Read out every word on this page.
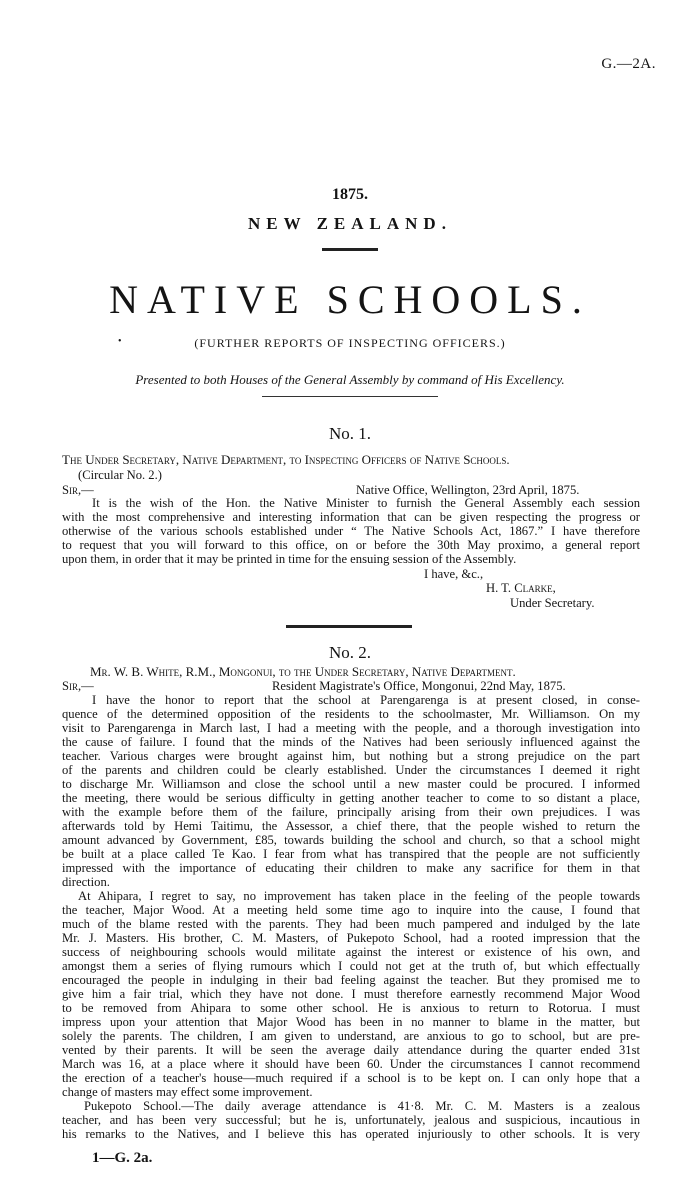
G.—2A.
1875.
NEW ZEALAND.
NATIVE SCHOOLS.
•	(FURTHER REPORTS OF INSPECTING OFFICERS.)
Presented to both Houses of the General Assembly by command of His Excellency.
No. 1.
The Under Secretary, Native Department, to Inspecting Officers of Native Schools.
(Circular No. 2.)
Sir,—	Native Office, Wellington, 23rd April, 1875.
It is the wish of the Hon. the Native Minister to furnish the General Assembly each session
with the most comprehensive and interesting information that can be given respecting the progress or
otherwise of the various schools established under “ The Native Schools Act, 1867.” I have therefore
to request that you will forward to this office, on or before the 30th May proximo, a general report
upon them, in order that it may be printed in time for the ensuing session of the Assembly.
I have, &c.,
H. T. Clarke,
Under Secretary.
No. 2.
Mr. W. B. White, R.M., Mongonui, to the Under Secretary, Native Department.
Sir,—	Resident Magistrate's Office, Mongonui, 22nd May, 1875.
I have the honor to report that the school at Parengarenga is at present closed, in conse-
quence of the determined opposition of the residents to the schoolmaster, Mr. Williamson. On my
visit to Parengarenga in March last, I had a meeting with the people, and a thorough investigation into
the cause of failure. I found that the minds of the Natives had been seriously influenced against the
teacher. Various charges were brought against him, but nothing but a strong prejudice on the part
of the parents and children could be clearly established. Under the circumstances I deemed it right
to discharge Mr. Williamson and close the school until a new master could be procured. I informed
the meeting, there would be serious difficulty in getting another teacher to come to so distant a place,
with the example before them of the failure, principally arising from their own prejudices. I was
afterwards told by Hemi Taitimu, the Assessor, a chief there, that the people wished to return the
amount advanced by Government, £85, towards building the school and church, so that a school might
be built at a place called Te Kao. I fear from what has transpired that the people are not sufficiently
impressed with the importance of educating their children to make any sacrifice for them in that
direction.
At Ahipara, I regret to say, no improvement has taken place in the feeling of the people towards
the teacher, Major Wood. At a meeting held some time ago to inquire into the cause, I found that
much of the blame rested with the parents. They had been much pampered and indulged by the late
Mr. J. Masters. His brother, C. M. Masters, of Pukepoto School, had a rooted impression that the
success of neighbouring schools would militate against the interest or existence of his own, and
amongst them a series of flying rumours which I could not get at the truth of, but which effectually
encouraged the people in indulging in their bad feeling against the teacher. But they promised me to
give him a fair trial, which they have not done. I must therefore earnestly recommend Major Wood
to be removed from Ahipara to some other school. He is anxious to return to Rotorua. I must
impress upon your attention that Major Wood has been in no manner to blame in the matter, but
solely the parents. The children, I am given to understand, are anxious to go to school, but are pre-
vented by their parents. It will be seen the average daily attendance during the quarter ended 31st
March was 16, at a place where it should have been 60. Under the circumstances I cannot recommend
the erection of a teacher's house—much required if a school is to be kept on. I can only hope that a
change of masters may effect some improvement.
Pukepoto School.—The daily average attendance is 41·8. Mr. C. M. Masters is a zealous
teacher, and has been very successful; but he is, unfortunately, jealous and suspicious, incautious in
his remarks to the Natives, and I believe this has operated injuriously to other schools. It is very
1—G. 2a.
